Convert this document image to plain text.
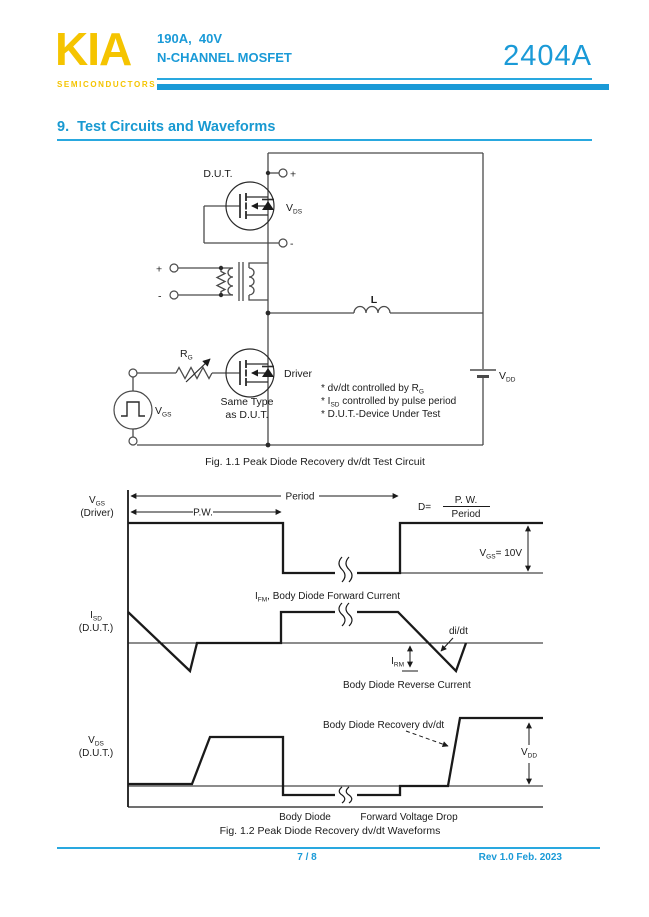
KIA
SEMICONDUCTORS
190A,  40V
N-CHANNEL MOSFET	2404A
9.  Test Circuits and Waveforms
D.U.T.	+
-
$V_{DS}$
+
-	L
$R_G$
Driver
Same Type
as D.U.T.
$V_{GS}$
$V_{DD}$
* dv/dt controlled by $R_G$
* $I_{SD}$ controlled by pulse period
* D.U.T.-Device Under Test
Fig. 1.1 Peak Diode Recovery dv/dt Test Circuit
$V_{GS}$
(Driver)	P.W.
Period
D=
P. W.
Period
$V_{GS}= 10V$
$I_{SD}$
(D.U.T.)
$I_{FM}$, Body Diode Forward Current
di/dt
$I_{RM}$
Body Diode Reverse Current
$V_{DS}$
(D.U.T.)
Body Diode Recovery dv/dt
$V_{DD}$
Body Diode	Forward Voltage Drop
Fig. 1.2 Peak Diode Recovery dv/dt Waveforms
7 / 8	Rev 1.0 Feb. 2023
